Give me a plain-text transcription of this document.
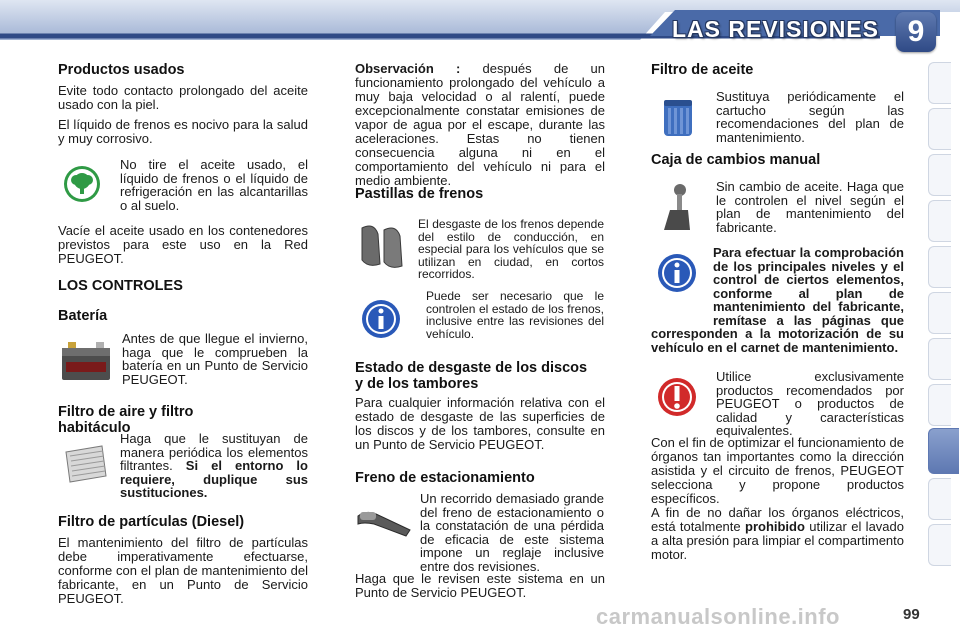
LAS REVISIONES 9
Productos usados

Evite todo contacto prolongado del aceite usado con la piel.

El líquido de frenos es nocivo para la salud y muy corrosivo.

No tire el aceite usado, el líquido de frenos o el líquido de refrigeración en las alcantarillas o al suelo.

Vacíe el aceite usado en los contenedores previstos para este uso en la Red PEUGEOT.

LOS CONTROLES
Batería
Antes de que llegue el invierno, haga que le comprueben la batería en un Punto de Servicio PEUGEOT.
Filtro de aire y filtro habitáculo
Haga que le sustituyan de manera periódica los elementos filtrantes. Si el entorno lo requiere, duplique sus sustituciones.
Filtro de partículas (Diesel)

El mantenimiento del filtro de partículas debe imperativamente efectuarse, conforme con el plan de mantenimiento del fabricante, en un Punto de Servicio PEUGEOT.

Observación : después de un funcionamiento prolongado del vehículo a muy baja velocidad o al ralentí, puede excepcionalmente constatar emisiones de vapor de agua por el escape, durante las aceleraciones. Estas no tienen consecuencia alguna ni en el comportamiento del vehículo ni para el medio ambiente.

Pastillas de frenos
El desgaste de los frenos depende del estilo de conducción, en especial para los vehículos que se utilizan en ciudad, en cortos recorridos.
Puede ser necesario que le controlen el estado de los frenos, inclusive entre las revisiones del vehículo.
Estado de desgaste de los discos y de los tambores

Para cualquier información relativa con el estado de desgaste de las superficies de los discos y de los tambores, consulte en un Punto de Servicio PEUGEOT.

Freno de estacionamiento
Un recorrido demasiado grande del freno de estacionamiento o la constatación de una pérdida de eficacia de este sistema impone un reglaje inclusive entre dos revisiones.

Haga que le revisen este sistema en un Punto de Servicio PEUGEOT.

Filtro de aceite
Sustituya periódicamente el cartucho según las recomendaciones del plan de mantenimiento.
Caja de cambios manual
Sin cambio de aceite. Haga que le controlen el nivel según el plan de mantenimiento del fabricante.
Para efectuar la comprobación de los principales niveles y el control de ciertos elementos, conforme al plan de mantenimiento del fabricante, remítase a las páginas que corresponden a la motorización de su vehículo en el carnet de mantenimiento.
Utilice exclusivamente productos recomendados por PEUGEOT o productos de calidad y características equivalentes.

Con el fin de optimizar el funcionamiento de órganos tan importantes como la dirección asistida y el circuito de frenos, PEUGEOT selecciona y propone productos específicos.

A fin de no dañar los órganos eléctricos, está totalmente prohibido utilizar el lavado a alta presión para limpiar el compartimento motor.

carmanualsonline.info	99
